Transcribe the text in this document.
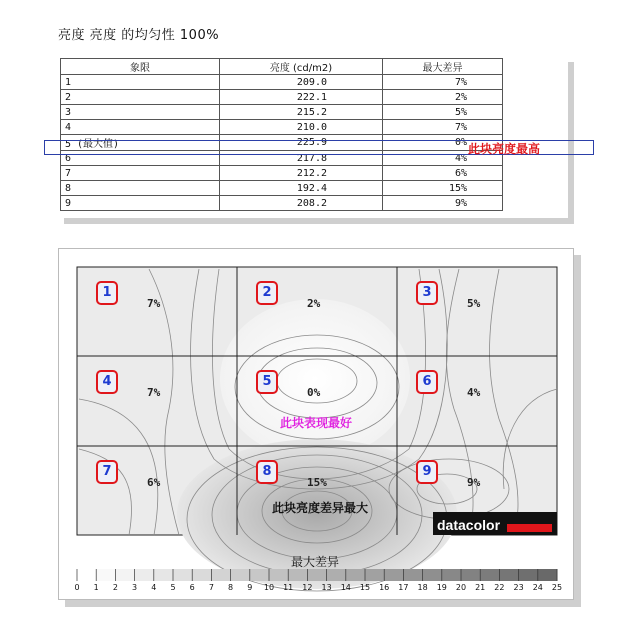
亮度 亮度 的均匀性 100%
象限	亮度 (cd/m2)	最大差异
1	209.0	7%
2	222.1	2%
3	215.2	5%
4	210.0	7%
5 (最大值)	225.9	0%
6	217.8	4%
7	212.2	6%
8	192.4	15%
9	208.2	9%
此块亮度最高
此块表现最好
此块亮度差异最大
datacolor
最大差异
1
7%
2
2%
3
5%
4
7%
5
0%
6
4%
7
6%
8
15%
9
9%
0	1	2	3	4	5	6	7	8	9	10 11 12 13 14 15 16 17 18 19 20 21 22 23 24 25
